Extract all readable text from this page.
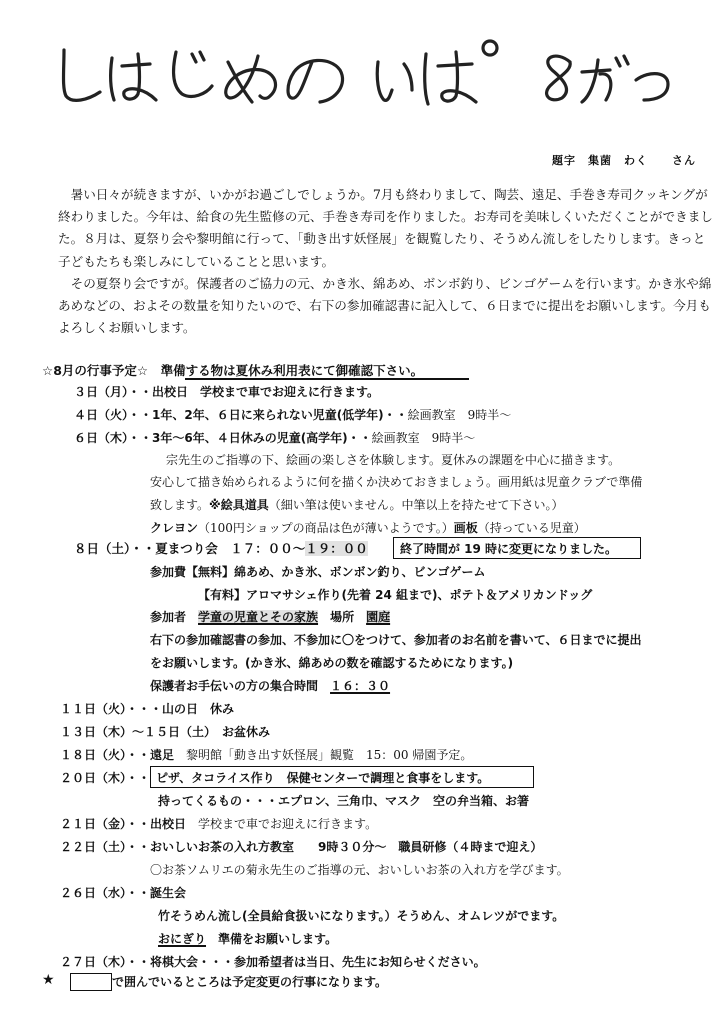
題字　集菌　わく　　さん

　暑い日々が続きますが、いかがお過ごしでしょうか。7月も終わりまして、陶芸、遠足、手巻き寿司クッキングが終わりました。今年は、給食の先生監修の元、手巻き寿司を作りました。お寿司を美味しくいただくことができました。８月は、夏祭り会や黎明館に行って、「動き出す妖怪展」を観覧したり、そうめん流しをしたりします。きっと子どもたちも楽しみにしていることと思います。

　その夏祭り会ですが。保護者のご協力の元、かき氷、綿あめ、ボンボ釣り、ビンゴゲームを行います。かき氷や綿あめなどの、およその数量を知りたいので、右下の参加確認書に記入して、６日までに提出をお願いします。今月もよろしくお願いします。

☆8月の行事予定☆　 準備する物は夏休み利用表にて御確認下さい。
３日（月）・・出校日　学校まで車でお迎えに行きます。
４日（火）・・1年、2年、６日に来られない児童(低学年)・・絵画教室　9時半〜
６日（木）・・3年〜6年、４日休みの児童(高学年)・・絵画教室　9時半〜
宗先生のご指導の下、絵画の楽しさを体験します。夏休みの課題を中心に描きます。
安心して描き始められるように何を描くか決めておきましょう。画用紙は児童クラブで準備
致します。※絵具道具（細い筆は使いません。中筆以上を持たせて下さい。）
クレヨン（100円ショップの商品は色が薄いようです。）画板（持っている児童）
８日（土）・・夏まつり会　１７：００〜１９：００	終了時間が 19 時に変更になりました。
参加費【無料】綿あめ、かき氷、ボンボン釣り、ビンゴゲーム
【有料】アロマサシェ作り(先着 24 組まで)、ポテト＆アメリカンドッグ
参加者　 学童の児童とその家族　 場所　 園庭
右下の参加確認書の参加、不参加に〇をつけて、参加者のお名前を書いて、６日までに提出
をお願いします。(かき氷、綿あめの数を確認するためになります。)
保護者お手伝いの方の集合時間　 １６：３０
１１日（火）・・・山の日　休み
１３日（木）〜１５日（土）　お盆休み
１８日（火）・・遠足　 黎明館「動き出す妖怪展」観覧　15：00 帰園予定。
２０日（木）・・ ピザ、タコライス作り　保健センターで調理と食事をします。
持ってくるもの・・・エプロン、三角巾、マスク　空の弁当箱、お箸
２１日（金）・・出校日　 学校まで車でお迎えに行きます。
２２日（土）・・おいしいお茶の入れ方教室　　9時３０分〜　職員研修（４時まで迎え）
〇お茶ソムリエの菊永先生のご指導の元、おいしいお茶の入れ方を学びます。
２６日（水）・・誕生会
竹そうめん流し(全員給食扱いになります。）そうめん、オムレツがでます。
おにぎり　 準備をお願いします。
２７日（木）・・将棋大会・・・参加希望者は当日、先生にお知らせください。
★	で囲んでいるところは予定変更の行事になります。
